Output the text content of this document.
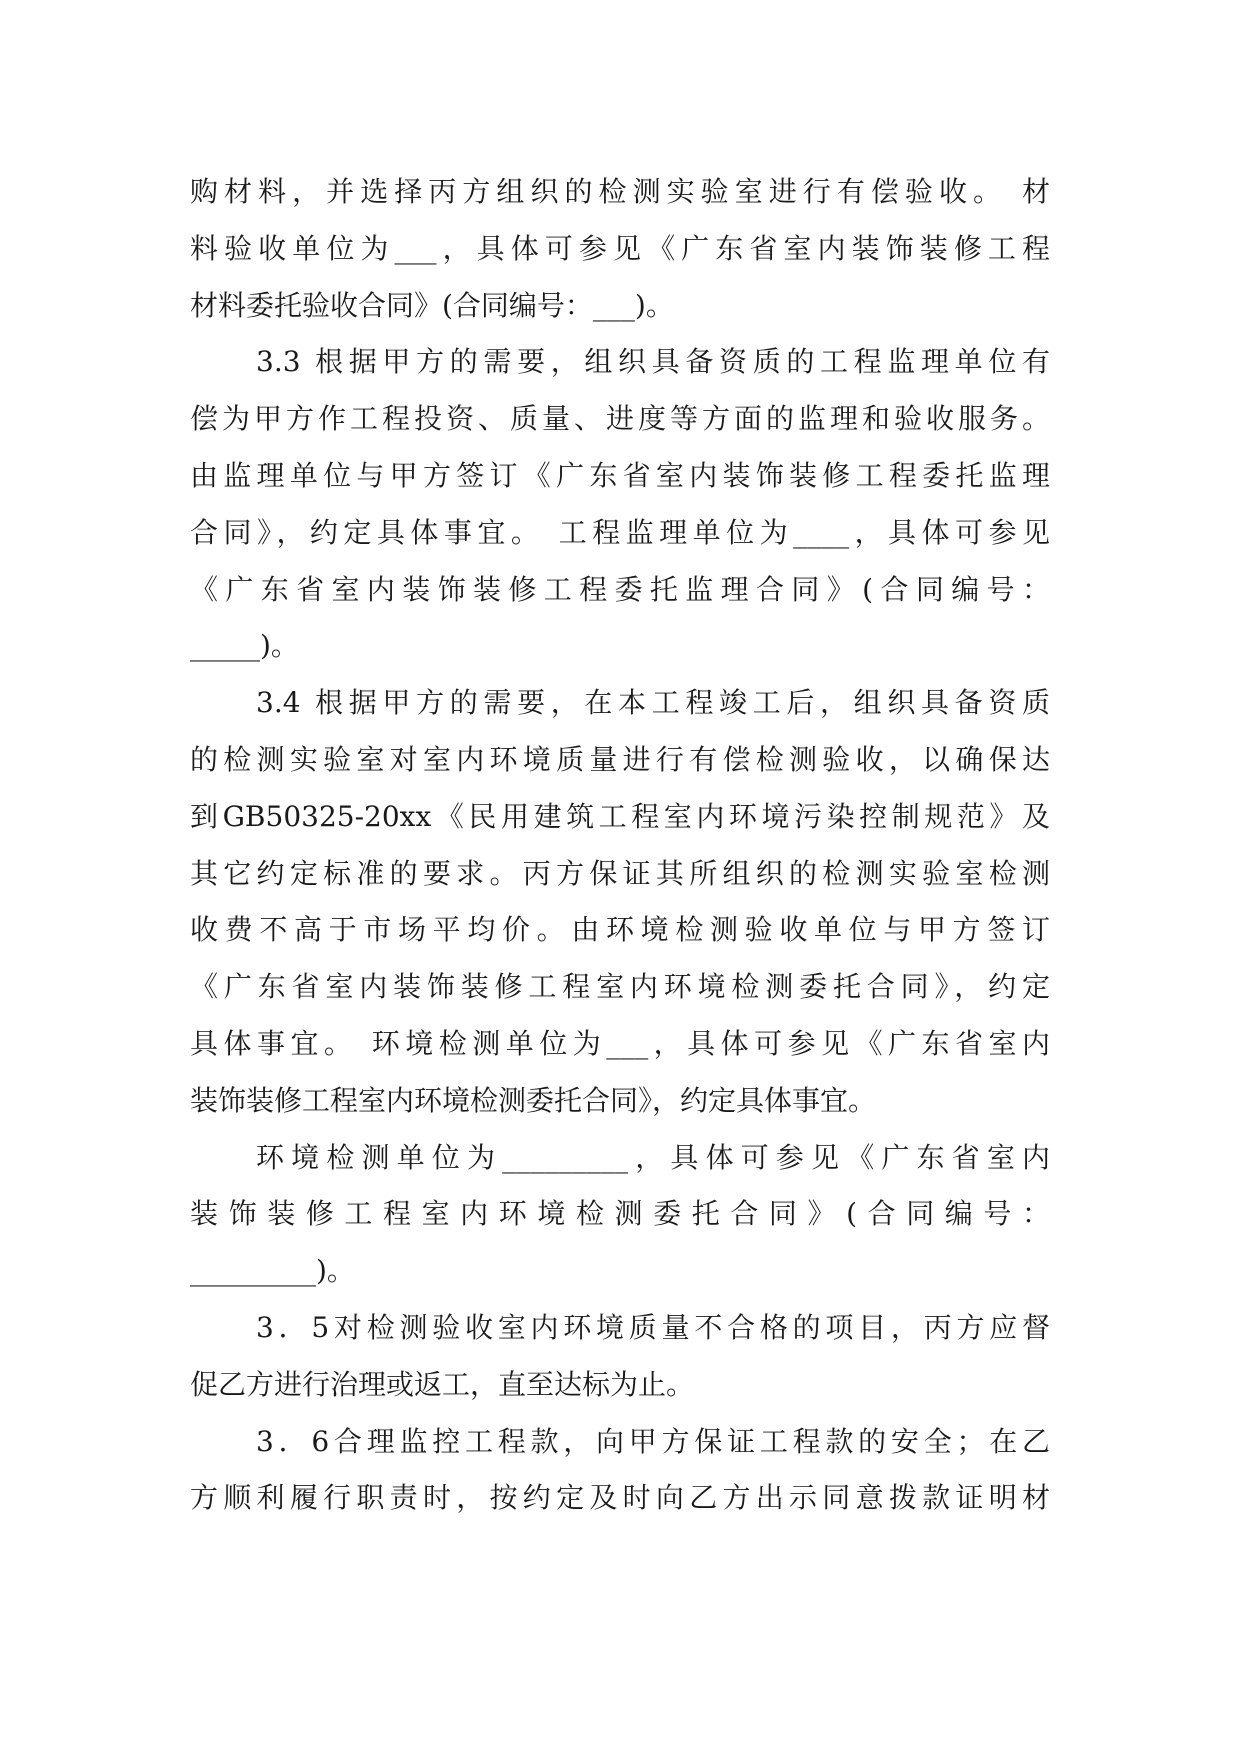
购材料，并选择丙方组织的检测实验室进行有偿验收。 材
料验收单位为___，具体可参见《广东省室内装饰装修工程
材料委托验收合同》(合同编号：___)。
3.3 根据甲方的需要，组织具备资质的工程监理单位有
偿为甲方作工程投资、质量、进度等方面的监理和验收服务。
由监理单位与甲方签订《广东省室内装饰装修工程委托监理
合同》，约定具体事宜。 工程监理单位为____，具体可参见
《广东省室内装饰装修工程委托监理合同》(合同编号：
_____)。
3.4 根据甲方的需要，在本工程竣工后，组织具备资质
的检测实验室对室内环境质量进行有偿检测验收，以确保达
到GB50325-20xx《民用建筑工程室内环境污染控制规范》及
其它约定标准的要求。丙方保证其所组织的检测实验室检测
收费不高于市场平均价。由环境检测验收单位与甲方签订
《广东省室内装饰装修工程室内环境检测委托合同》，约定
具体事宜。 环境检测单位为___，具体可参见《广东省室内
装饰装修工程室内环境检测委托合同》，约定具体事宜。
环境检测单位为_________，具体可参见《广东省室内
装饰装修工程室内环境检测委托合同》(合同编号：
_________)。
3．5对检测验收室内环境质量不合格的项目，丙方应督
促乙方进行治理或返工，直至达标为止。
3．6合理监控工程款，向甲方保证工程款的安全；在乙
方顺利履行职责时，按约定及时向乙方出示同意拨款证明材
